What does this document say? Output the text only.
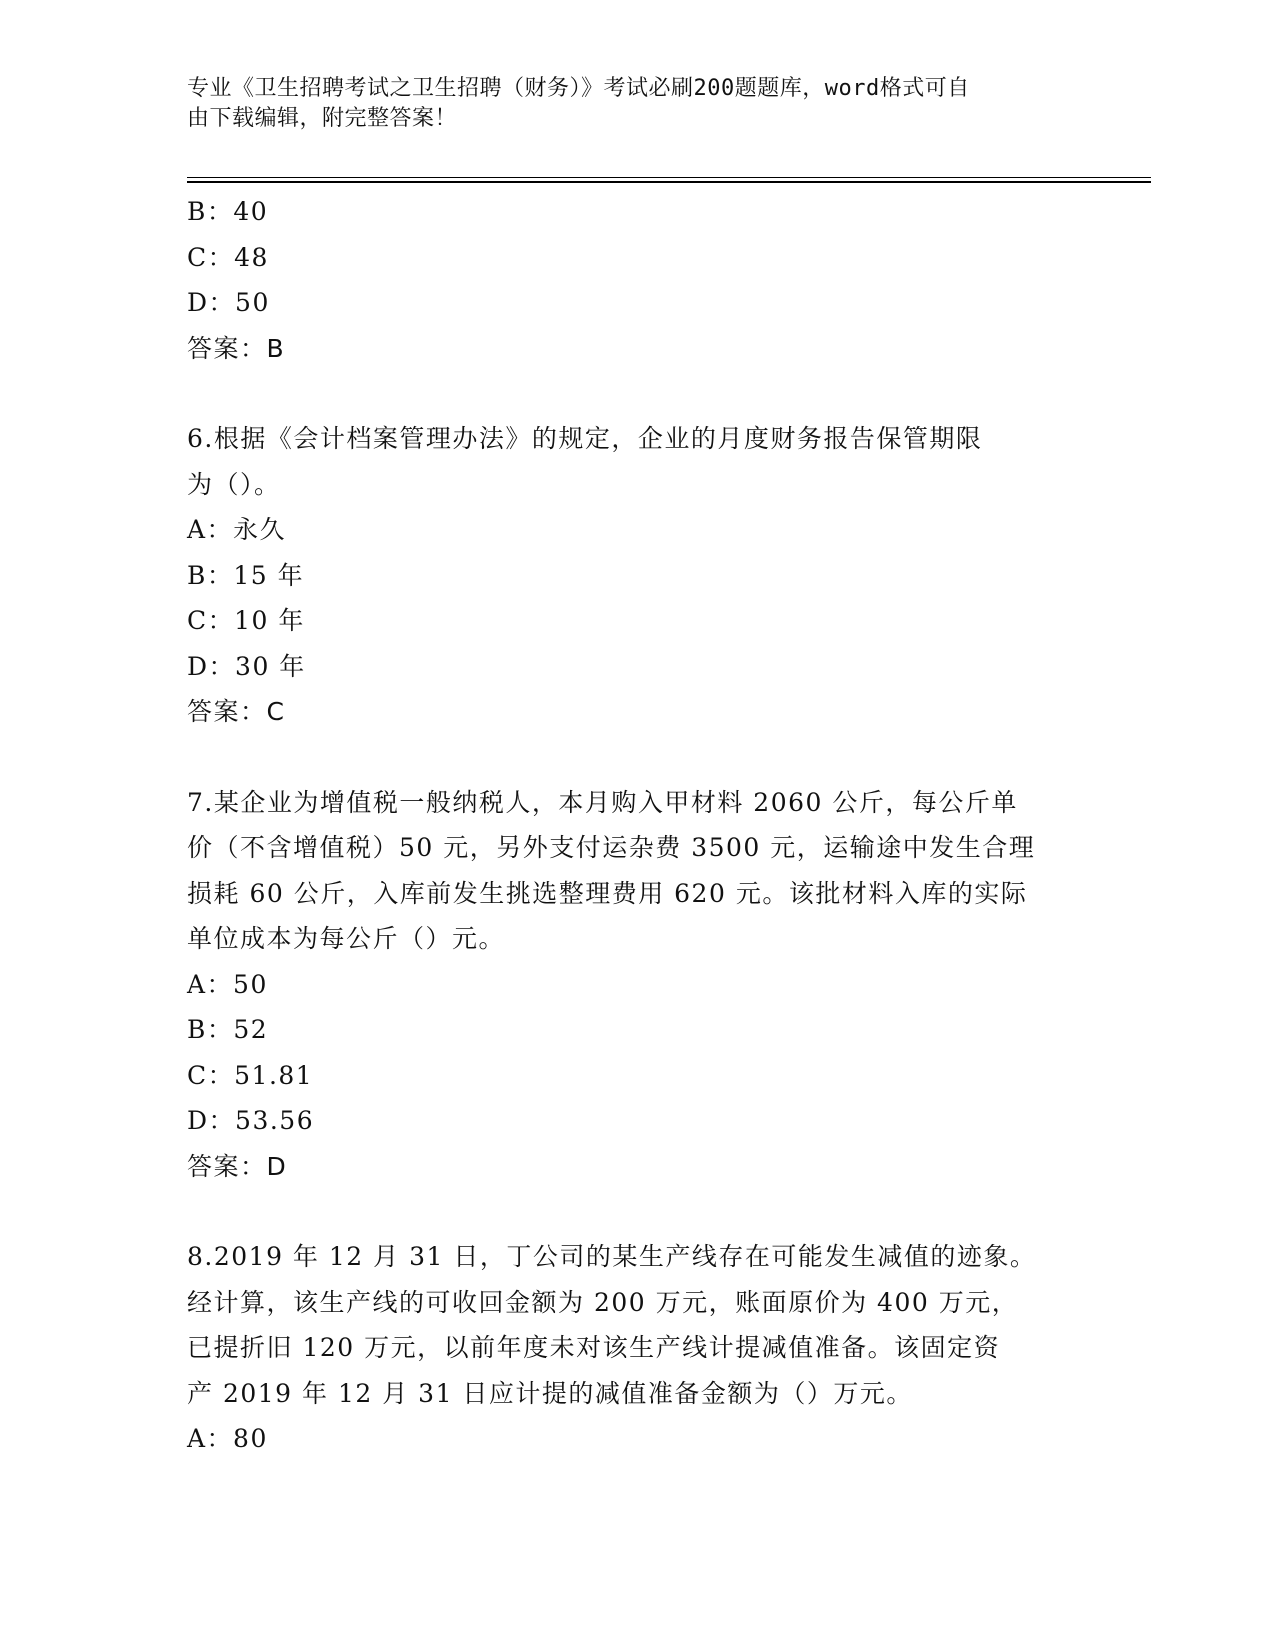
专业《卫生招聘考试之卫生招聘（财务）》考试必刷200题题库，word格式可自
由下载编辑，附完整答案！
B：40
C：48
D：50
答案：B
6.根据《会计档案管理办法》的规定，企业的月度财务报告保管期限
为（）。
A：永久
B：15 年
C：10 年
D：30 年
答案：C
7.某企业为增值税一般纳税人，本月购入甲材料 2060 公斤，每公斤单
价（不含增值税）50 元，另外支付运杂费 3500 元，运输途中发生合理
损耗 60 公斤，入库前发生挑选整理费用 620 元。该批材料入库的实际
单位成本为每公斤（）元。
A：50
B：52
C：51.81
D：53.56
答案：D
8.2019 年 12 月 31 日，丁公司的某生产线存在可能发生减值的迹象。
经计算，该生产线的可收回金额为 200 万元，账面原价为 400 万元，
已提折旧 120 万元，以前年度未对该生产线计提减值准备。该固定资
产 2019 年 12 月 31 日应计提的减值准备金额为（）万元。
A：80
